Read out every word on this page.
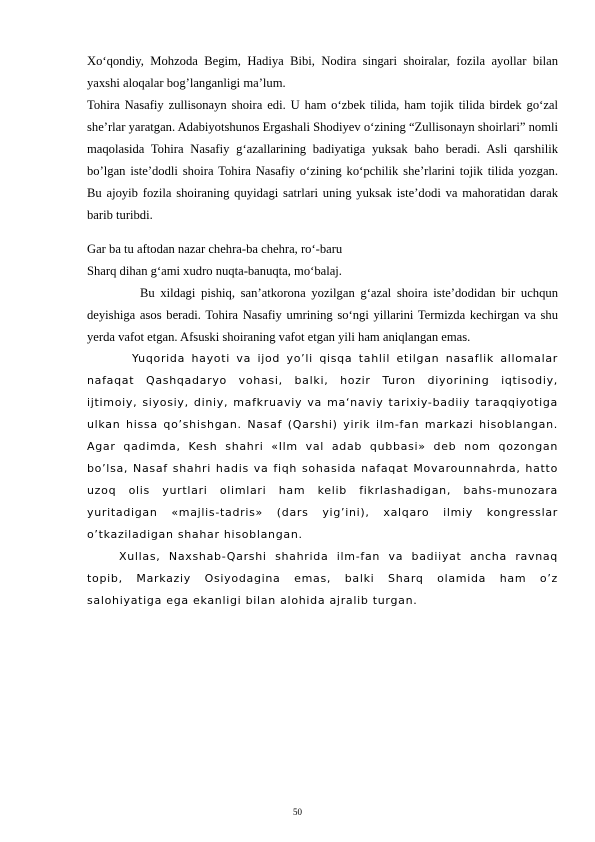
Xo‘qondiy, Mohzoda Begim, Hadiya Bibi, Nodira singari shoiralar, fozila ayollar bilan yaxshi aloqalar bog’langanligi ma’lum.

Tohira Nasafiy zullisonayn shoira edi. U ham o‘zbek tilida, ham tojik tilida birdek go‘zal she’rlar yaratgan. Adabiyotshunos Ergashali Shodiyev o‘zining “Zullisonayn shoirlari” nomli maqolasida Tohira Nasafiy g‘azallarining badiyatiga yuksak baho beradi. Asli qarshilik bo’lgan iste’dodli shoira Tohira Nasafiy o‘zining ko‘pchilik she’rlarini tojik tilida yozgan. Bu ajoyib fozila shoiraning quyidagi satrlari uning yuksak iste’dodi va mahoratidan darak barib turibdi.

Gar ba tu aftodan nazar chehra-ba chehra, ro‘-baru

Sharq dihan g‘ami xudro nuqta-banuqta, mo‘balaj.

Bu xildagi pishiq, san’atkorona yozilgan g‘azal shoira iste’dodidan bir uchqun deyishiga asos beradi. Tohira Nasafiy umrining so‘ngi yillarini Termizda kechirgan va shu yerda vafot etgan. Afsuski shoiraning vafot etgan yili ham aniqlangan emas.

Yuqorida hayoti va ijod yo’li qisqa tahlil etilgan nasaflik allomalar nafaqat Qashqadaryo vohasi, balki, hozir Turon diyorining iqtisodiy, ijtimoiy, siyosiy, diniy, mafkruaviy va ma‘naviy tarixiy-badiiy taraqqiyotiga ulkan hissa qo’shishgan. Nasaf (Qarshi) yirik ilm-fan markazi hisoblangan. Agar qadimda, Kesh shahri «Ilm val adab qubbasi» deb nom qozongan bo’lsa, Nasaf shahri hadis va fiqh sohasida nafaqat Movarounnahrda, hatto uzoq olis yurtlari olimlari ham kelib fikrlashadigan, bahs-munozara yuritadigan «majlis-tadris» (dars yig’ini), xalqaro ilmiy kongresslar o’tkaziladigan shahar hisoblangan.

Xullas, Naxshab-Qarshi shahrida ilm-fan va badiiyat ancha ravnaq topib, Markaziy Osiyodagina emas, balki Sharq olamida ham o’z salohiyatiga ega ekanligi bilan alohida ajralib turgan.

50
